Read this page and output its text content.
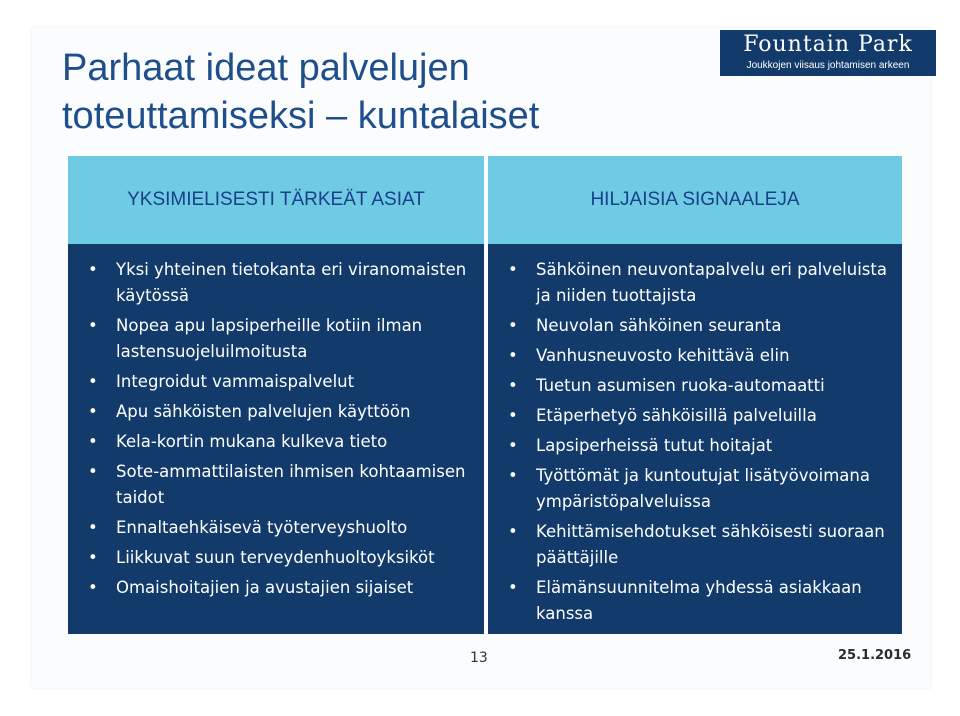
Parhaat ideat palvelujen
toteuttamiseksi – kuntalaiset
Fountain Park
Joukkojen viisaus johtamisen arkeen
YKSIMIELISESTI TÄRKEÄT ASIAT
• Yksi yhteinen tietokanta eri viranomaisten käytössä
• Nopea apu lapsiperheille kotiin ilman lastensuojeluilmoitusta
• Integroidut vammaispalvelut
• Apu sähköisten palvelujen käyttöön
• Kela-kortin mukana kulkeva tieto
• Sote-ammattilaisten ihmisen kohtaamisen taidot
• Ennaltaehkäisevä työterveyshuolto
• Liikkuvat suun terveydenhuoltoyksiköt
• Omaishoitajien ja avustajien sijaiset
HILJAISIA SIGNAALEJA
• Sähköinen neuvontapalvelu eri palveluista ja niiden tuottajista
• Neuvolan sähköinen seuranta
• Vanhusneuvosto kehittävä elin
• Tuetun asumisen ruoka-automaatti
• Etäperhetyö sähköisillä palveluilla
• Lapsiperheissä tutut hoitajat
• Työttömät ja kuntoutujat lisätyövoimana ympäristöpalveluissa
• Kehittämisehdotukset sähköisesti suoraan päättäjille
• Elämänsuunnitelma yhdessä asiakkaan kanssa
13	25.1.2016
